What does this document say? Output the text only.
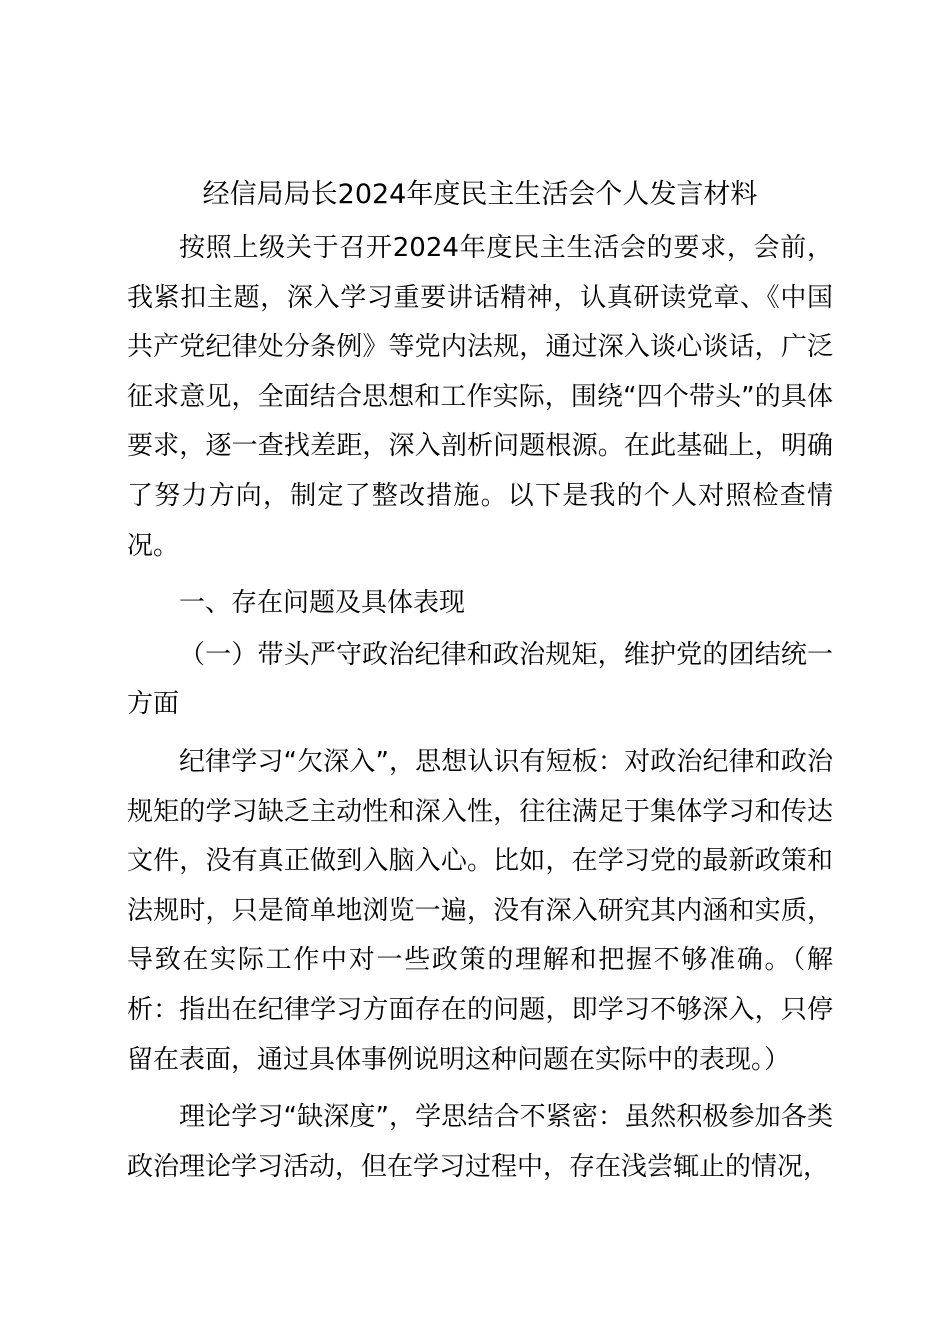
经信局局长2024年度民主生活会个人发言材料

按照上级关于召开2024年度民主生活会的要求，会前，我紧扣主题，深入学习重要讲话精神，认真研读党章、《中国共产党纪律处分条例》等党内法规，通过深入谈心谈话，广泛征求意见，全面结合思想和工作实际，围绕“四个带头”的具体要求，逐一查找差距，深入剖析问题根源。在此基础上，明确了努力方向，制定了整改措施。以下是我的个人对照检查情况。

一、存在问题及具体表现

（一）带头严守政治纪律和政治规矩，维护党的团结统一方面

纪律学习“欠深入”，思想认识有短板：对政治纪律和政治规矩的学习缺乏主动性和深入性，往往满足于集体学习和传达文件，没有真正做到入脑入心。比如，在学习党的最新政策和法规时，只是简单地浏览一遍，没有深入研究其内涵和实质，导致在实际工作中对一些政策的理解和把握不够准确。（解析：指出在纪律学习方面存在的问题，即学习不够深入，只停留在表面，通过具体事例说明这种问题在实际中的表现。）

理论学习“缺深度”，学思结合不紧密：虽然积极参加各类政治理论学习活动，但在学习过程中，存在浅尝辄止的情况，
